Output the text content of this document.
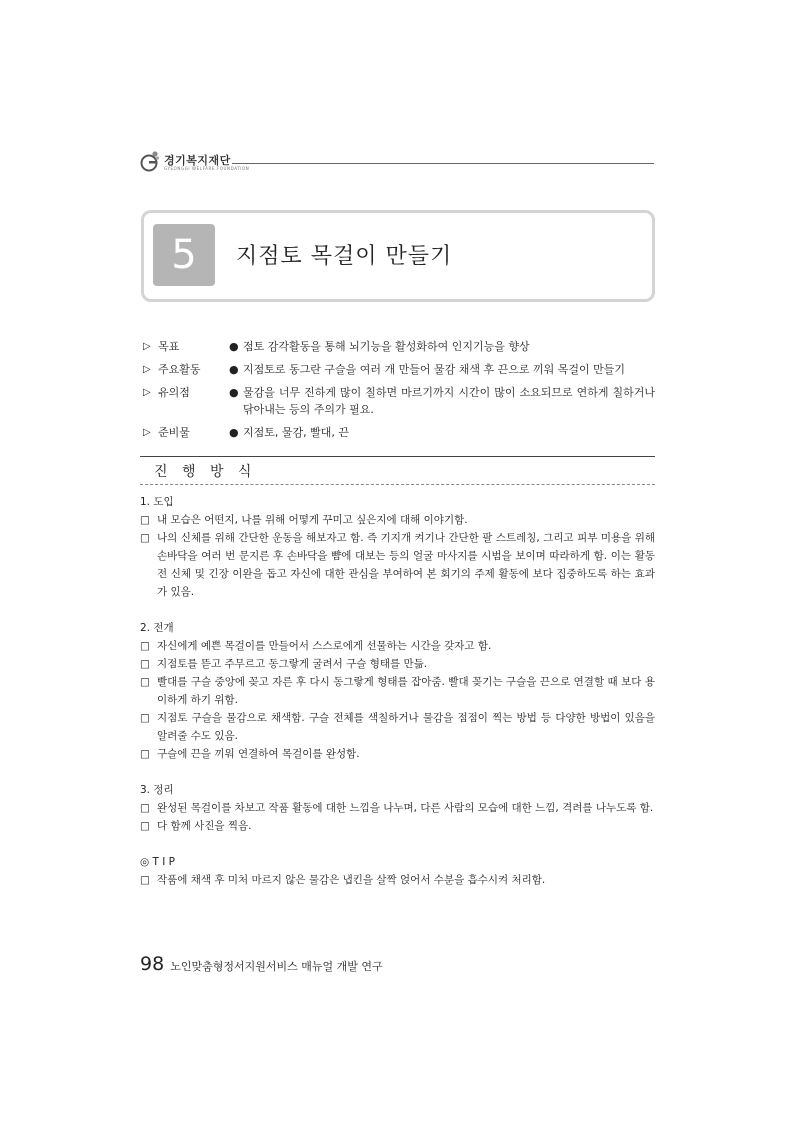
경기복지재단
GYEONGGI WELFARE FOUNDATION
5	지점토 목걸이 만들기
▷ 목표	● 점토 감각활동을 통해 뇌기능을 활성화하여 인지기능을 향상
▷ 주요활동	● 지점토로 동그란 구슬을 여러 개 만들어 물감 채색 후 끈으로 끼워 목걸이 만들기
▷ 유의점	● 물감을 너무 진하게 많이 칠하면 마르기까지 시간이 많이 소요되므로 연하게 칠하거나 닦아내는 등의 주의가 필요.
▷ 준비물	● 지점토, 물감, 빨대, 끈
진 행 방 식
1. 도입
□ 내 모습은 어떤지, 나를 위해 어떻게 꾸미고 싶은지에 대해 이야기함.
□ 나의 신체를 위해 간단한 운동을 해보자고 함. 즉 기지개 켜기나 간단한 팔 스트레칭, 그리고 피부 미용을 위해 손바닥을 여러 번 문지른 후 손바닥을 뺨에 대보는 등의 얼굴 마사지를 시범을 보이며 따라하게 함. 이는 활동 전 신체 및 긴장 이완을 돕고 자신에 대한 관심을 부여하여 본 회기의 주제 활동에 보다 집중하도록 하는 효과가 있음.
2. 전개
□ 자신에게 예쁜 목걸이를 만들어서 스스로에게 선물하는 시간을 갖자고 함.
□ 지점토를 뜯고 주무르고 동그랗게 굴려서 구슬 형태를 만듦.
□ 빨대를 구슬 중앙에 꽂고 자른 후 다시 동그랗게 형태를 잡아줌. 빨대 꽂기는 구슬을 끈으로 연결할 때 보다 용이하게 하기 위함.
□ 지점토 구슬을 물감으로 채색함. 구슬 전체를 색칠하거나 물감을 점점이 찍는 방법 등 다양한 방법이 있음을 알려줄 수도 있음.
□ 구슬에 끈을 끼워 연결하여 목걸이를 완성함.
3. 정리
□ 완성된 목걸이를 차보고 작품 활동에 대한 느낌을 나누며, 다른 사람의 모습에 대한 느낌, 격려를 나누도록 함.
□ 다 함께 사진을 찍음.
◎ T I P
□ 작품에 채색 후 미처 마르지 않은 물감은 냅킨을 살짝 얹어서 수분을 흡수시켜 처리함.
98 노인맞춤형정서지원서비스 매뉴얼 개발 연구
